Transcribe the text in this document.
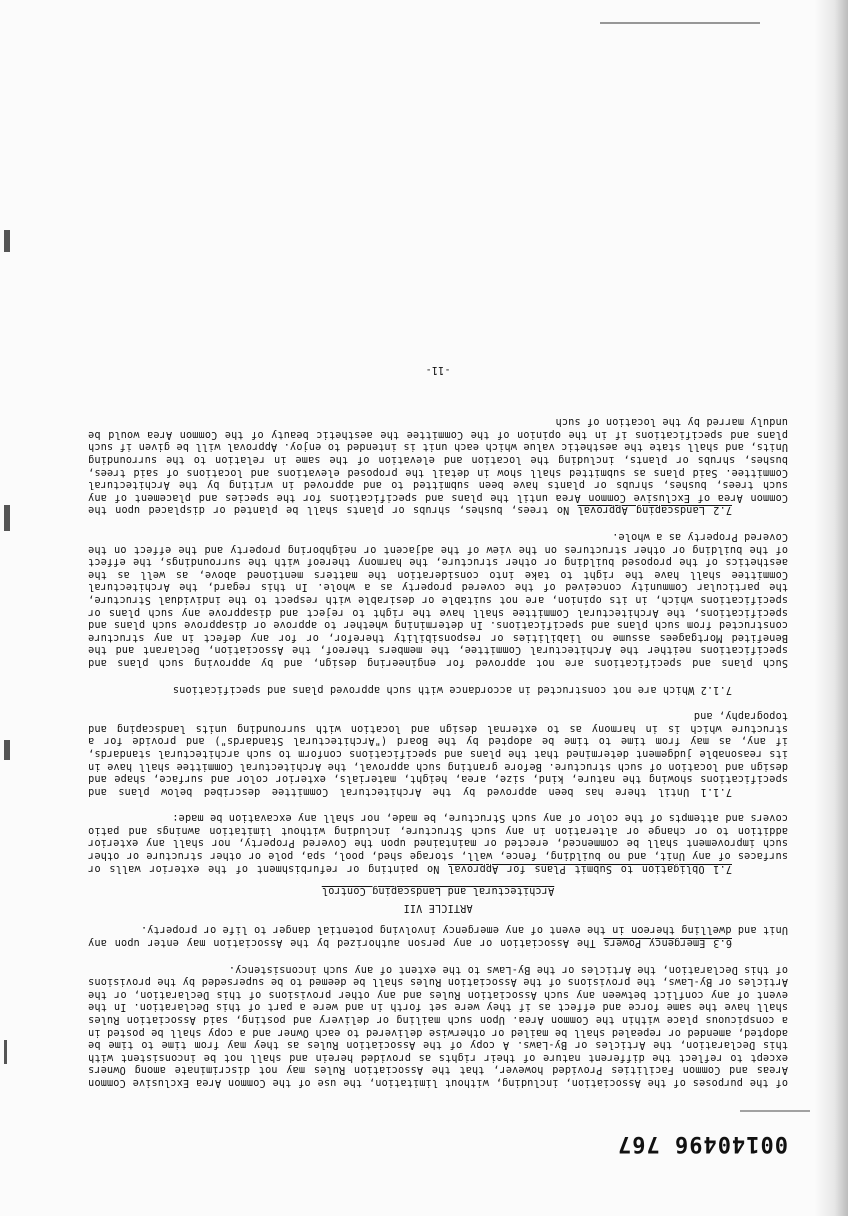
00140496 767

of the purposes of the Association, including, without limitation, the use of the Common Area Exclusive Common Areas and Common Facilities Provided however, that the Association Rules may not discriminate among Owners except to reflect the different nature of their rights as provided herein and shall not be inconsistent with this Declaration, the Articles or By-Laws. A copy of the Association Rules as they may from time to time be adopted, amended or repealed shall be mailed or otherwise delivered to each Owner and a copy shall be posted in a conspicuous place within the Common Area. Upon such mailing or delivery and posting, said Association Rules shall have the same force and effect as if they were set forth in and were a part of this Declaration. In the event of any conflict between any such Association Rules and any other provisions of this Declaration, or the Articles or By-Laws, the provisions of the Association Rules shall be deemed to be superseded by the provisions of this Declaration, the Articles or the By-Laws to the extent of any such inconsistency.

6.3 Emergency Powers The Association or any person authorized by the Association may enter upon any Unit and dwelling thereon in the event of any emergency involving potential danger to life or property.

ARTICLE VII
Architectural and Landscaping Control

7.1 Obligation to Submit Plans for Approval No painting or refurbishment of the exterior walls or surfaces of any Unit, and no building, fence, wall, storage shed, pool, spa, pole or other structure or other such improvement shall be commenced, erected or maintained upon the Covered Property, nor shall any exterior addition to or change or alteration in any such Structure, including without limitation awnings and patio covers and attempts of the color of any such Structure, be made, nor shall any excavation be made:

7.1.1 Until there has been approved by the Architectural Committee described below plans and specifications showing the nature, kind, size, area, height, materials, exterior color and surface, shape and design and location of such structure. Before granting such approval, the Architectural Committee shall have in its reasonable judgement determined that the plans and specifications conform to such architectural standards, if any, as may from time to time be adopted by the Board ("Architectural Standards") and provide for a structure which is in harmony as to external design and location with surrounding units landscaping and topography, and

7.1.2 Which are not constructed in accordance with such approved plans and specifications

Such plans and specifications are not approved for engineering design, and by approving such plans and specifications neither the Architectural Committee, the members thereof, the Association, Declarant and the Benefited Mortgagees assume no liabilities or responsibility therefor, or for any defect in any structure constructed from such plans and specifications. In determining whether to approve or disapprove such plans and specifications, the Architectural Committee shall have the right to reject and disapprove any such plans or specifications which, in its opinion, are not suitable or desirable with respect to the individual Structure, the particular Community conceived of the covered property as a whole. In this regard, the Architectural Committee shall have the right to take into consideration the matters mentioned above, as well as the aesthetics of the proposed building or other structure, the harmony thereof with the surroundings, the effect of the building or other structures on the view of the adjacent or neighboring property and the effect on the Covered Property as a whole.

7.2 Landscaping Approval No trees, bushes, shrubs or plants shall be planted or displaced upon the Common Area of Exclusive Common Area until the plans and specifications for the species and placement of any such trees, bushes, shrubs or plants have been submitted to and approved in writing by the Architectural Committee. Said plans as submitted shall show in detail the proposed elevations and locations of said trees, bushes, shrubs or plants, including the location and elevation of the same in relation to the surrounding Units, and shall state the aesthetic value which each unit is intended to enjoy. Approval will be given if such plans and specifications if in the opinion of the Committee the aesthetic beauty of the Common Area would be unduly marred by the location of such

-11-
